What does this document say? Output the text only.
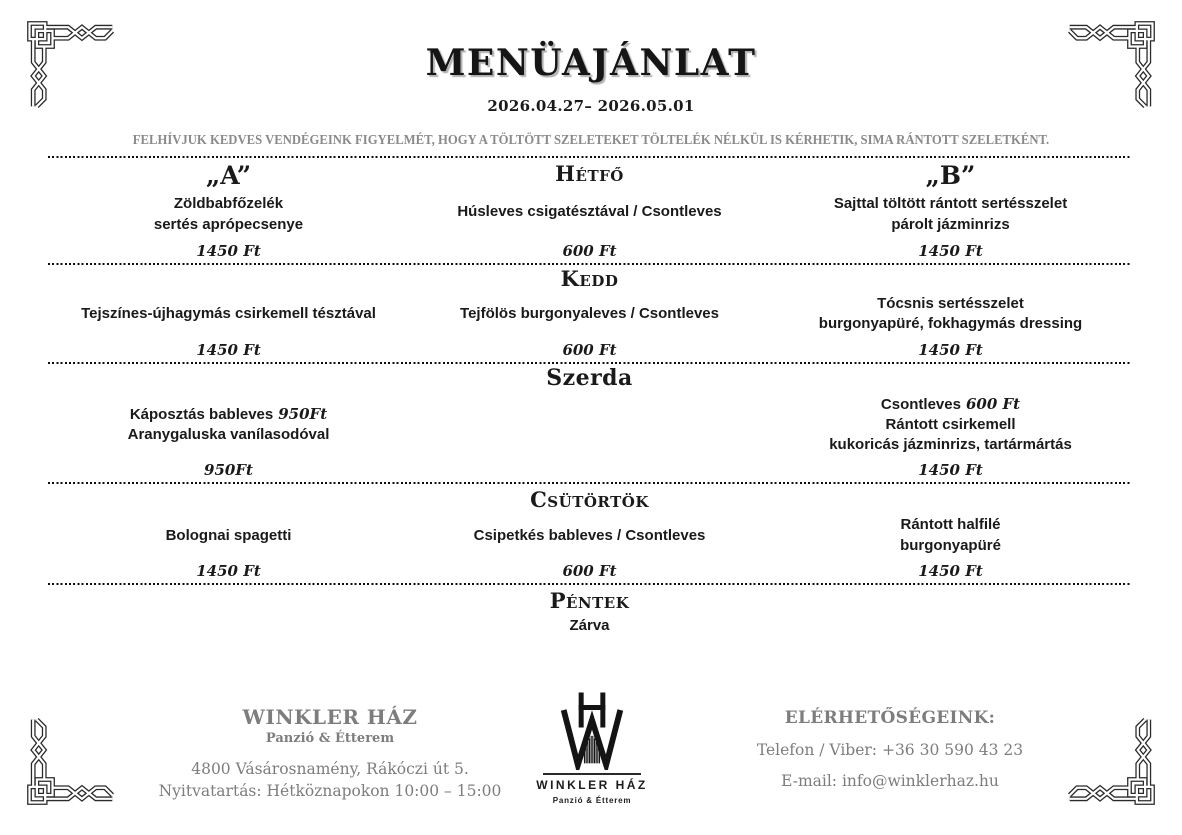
MENÜAJÁNLAT
2026.04.27– 2026.05.01
FELHÍVJUK KEDVES VENDÉGEINK FIGYELMÉT, HOGY A TÖLTÖTT SZELETEKET TÖLTELÉK NÉLKÜL IS KÉRHETIK, SIMA RÁNTOTT SZELETKÉNT.
„A”
Zöldbabfőzelék
sertés aprópecsenye
1450 Ft
Hétfő
Húsleves csigatésztával / Csontleves
600 Ft
„B”
Sajttal töltött rántott sertésszelet
párolt jázminrizs
1450 Ft
Kedd
Tejszínes-újhagymás csirkemell tésztával
1450 Ft
Tejfölös burgonyaleves / Csontleves
600 Ft
Tócsnis sertésszelet
burgonyapüré, fokhagymás dressing
1450 Ft
Szerda
Káposztás bableves 950Ft
Aranygaluska vanílasodóval
950Ft
Csontleves 600 Ft
Rántott csirkemell
kukoricás jázminrizs, tartármártás
1450 Ft
Csütörtök
Bolognai spagetti
1450 Ft
Csipetkés bableves / Csontleves
600 Ft
Rántott halfilé
burgonyapüré
1450 Ft
Péntek
Zárva
WINKLER HÁZ
Panzió & Étterem
4800 Vásárosnamény, Rákóczi út 5.
Nyitvatartás: Hétköznapokon 10:00 – 15:00	WINKLER HÁZ
Panzió & Étterem
ELÉRHETŐSÉGEINK:
Telefon / Viber: +36 30 590 43 23
E-mail: info@winklerhaz.hu
